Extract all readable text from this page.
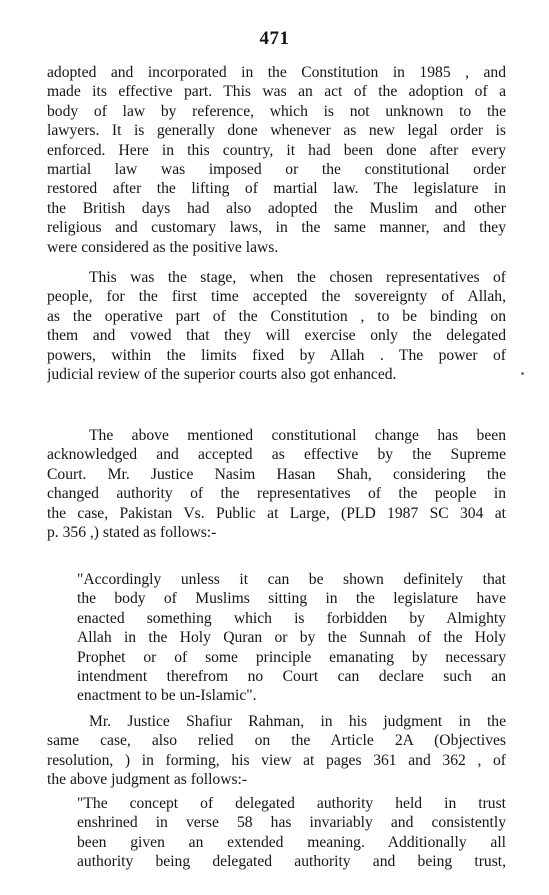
471
adopted and incorporated in the Constitution in 1985 , and
made its effective part. This was an act of the adoption of a
body of law by reference, which is not unknown to the
lawyers. It is generally done whenever as new legal order is
enforced. Here in this country, it had been done after every
martial law was imposed or the constitutional order
restored after the lifting of martial law. The legislature in
the British days had also adopted the Muslim and other
religious and customary laws, in the same manner, and they
were considered as the positive laws.
This was the stage, when the chosen representatives of
people, for the first time accepted the sovereignty of Allah,
as the operative part of the Constitution , to be binding on
them and vowed that they will exercise only the delegated
powers, within the limits fixed by Allah . The power of
judicial review of the superior courts also got enhanced.
The above mentioned constitutional change has been
acknowledged and accepted as effective by the Supreme
Court. Mr. Justice Nasim Hasan Shah, considering the
changed authority of the representatives of the people in
the case, Pakistan Vs. Public at Large, (PLD 1987 SC 304 at
p. 356 ,) stated as follows:-
"Accordingly unless it can be shown definitely that
the body of Muslims sitting in the legislature have
enacted something which is forbidden by Almighty
Allah in the Holy Quran or by the Sunnah of the Holy
Prophet or of some principle emanating by necessary
intendment therefrom no Court can declare such an
enactment to be un-Islamic".
Mr. Justice Shafiur Rahman, in his judgment in the
same case, also relied on the Article 2A (Objectives
resolution, ) in forming, his view at pages 361 and 362 , of
the above judgment as follows:-
"The concept of delegated authority held in trust
enshrined in verse 58 has invariably and consistently
been given an extended meaning. Additionally all
authority being delegated authority and being trust,
